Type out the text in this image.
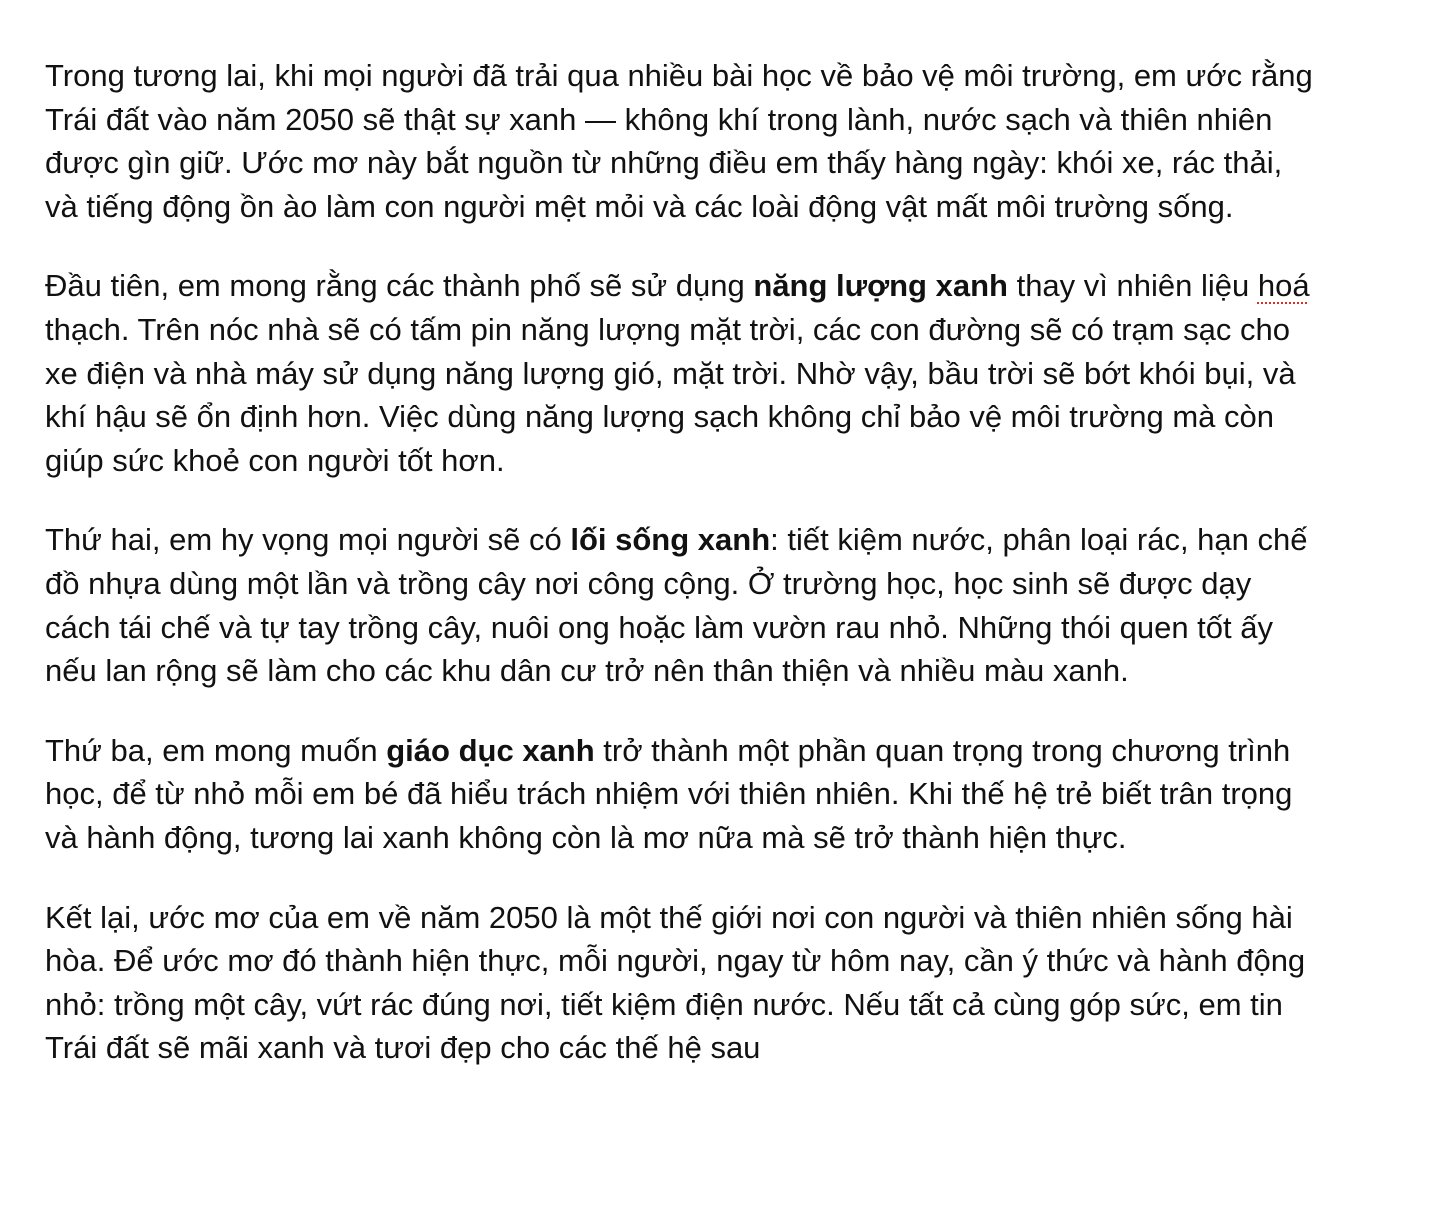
Trong tương lai, khi mọi người đã trải qua nhiều bài học về bảo vệ môi trường, em ước rằng Trái đất vào năm 2050 sẽ thật sự xanh — không khí trong lành, nước sạch và thiên nhiên được gìn giữ. Ước mơ này bắt nguồn từ những điều em thấy hàng ngày: khói xe, rác thải, và tiếng động ồn ào làm con người mệt mỏi và các loài động vật mất môi trường sống.

Đầu tiên, em mong rằng các thành phố sẽ sử dụng năng lượng xanh thay vì nhiên liệu hoá thạch. Trên nóc nhà sẽ có tấm pin năng lượng mặt trời, các con đường sẽ có trạm sạc cho xe điện và nhà máy sử dụng năng lượng gió, mặt trời. Nhờ vậy, bầu trời sẽ bớt khói bụi, và khí hậu sẽ ổn định hơn. Việc dùng năng lượng sạch không chỉ bảo vệ môi trường mà còn giúp sức khoẻ con người tốt hơn.

Thứ hai, em hy vọng mọi người sẽ có lối sống xanh: tiết kiệm nước, phân loại rác, hạn chế đồ nhựa dùng một lần và trồng cây nơi công cộng. Ở trường học, học sinh sẽ được dạy cách tái chế và tự tay trồng cây, nuôi ong hoặc làm vườn rau nhỏ. Những thói quen tốt ấy nếu lan rộng sẽ làm cho các khu dân cư trở nên thân thiện và nhiều màu xanh.

Thứ ba, em mong muốn giáo dục xanh trở thành một phần quan trọng trong chương trình học, để từ nhỏ mỗi em bé đã hiểu trách nhiệm với thiên nhiên. Khi thế hệ trẻ biết trân trọng và hành động, tương lai xanh không còn là mơ nữa mà sẽ trở thành hiện thực.

Kết lại, ước mơ của em về năm 2050 là một thế giới nơi con người và thiên nhiên sống hài hòa. Để ước mơ đó thành hiện thực, mỗi người, ngay từ hôm nay, cần ý thức và hành động nhỏ: trồng một cây, vứt rác đúng nơi, tiết kiệm điện nước. Nếu tất cả cùng góp sức, em tin Trái đất sẽ mãi xanh và tươi đẹp cho các thế hệ sau
